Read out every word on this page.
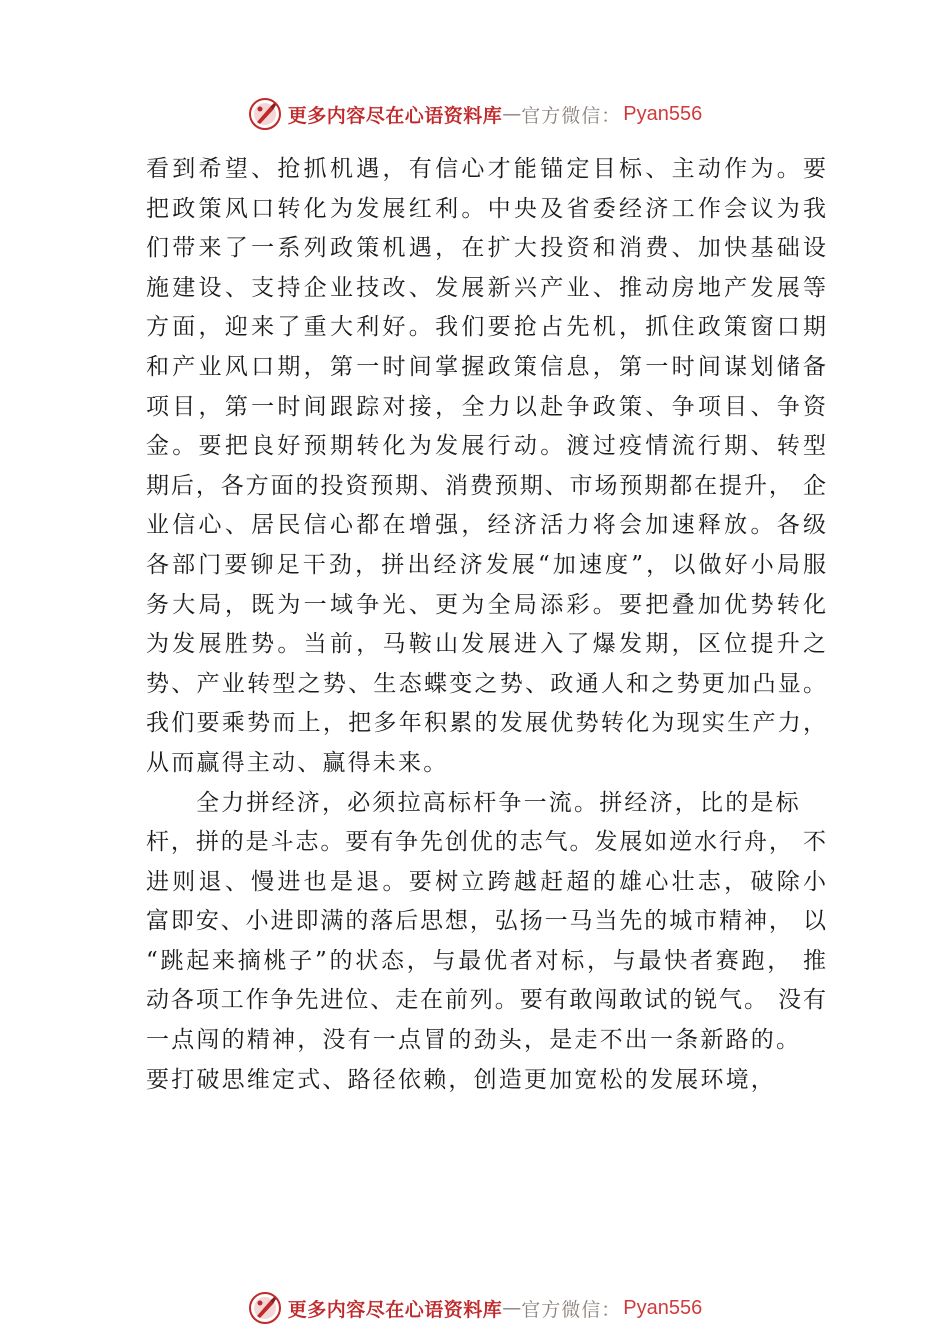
更多内容尽在心语资料库 — 官方微信： Pyan556
看到希望、抢抓机遇，有信心才能锚定目标、主动作为。要
把政策风口转化为发展红利。中央及省委经济工作会议为我
们带来了一系列政策机遇，在扩大投资和消费、加快基础设
施建设、支持企业技改、发展新兴产业、推动房地产发展等
方面，迎来了重大利好。我们要抢占先机，抓住政策窗口期
和产业风口期，第一时间掌握政策信息，第一时间谋划储备
项目，第一时间跟踪对接，全力以赴争政策、争项目、争资
金。要把良好预期转化为发展行动。渡过疫情流行期、转型
期后，各方面的投资预期、消费预期、市场预期都在提升， 企
业信心、居民信心都在增强，经济活力将会加速释放。各级
各部门要铆足干劲，拼出经济发展“加速度”，以做好小局服
务大局，既为一域争光、更为全局添彩。要把叠加优势转化
为发展胜势。当前，马鞍山发展进入了爆发期，区位提升之
势、产业转型之势、生态蝶变之势、政通人和之势更加凸显。
我们要乘势而上，把多年积累的发展优势转化为现实生产力，
从而赢得主动、赢得未来。
全力拼经济，必须拉高标杆争一流。拼经济，比的是标
杆，拼的是斗志。要有争先创优的志气。发展如逆水行舟， 不
进则退、慢进也是退。要树立跨越赶超的雄心壮志，破除小
富即安、小进即满的落后思想，弘扬一马当先的城市精神， 以
“跳起来摘桃子”的状态，与最优者对标，与最快者赛跑， 推
动各项工作争先进位、走在前列。要有敢闯敢试的锐气。 没有
一点闯的精神，没有一点冒的劲头，是走不出一条新路的。
要打破思维定式、路径依赖，创造更加宽松的发展环境，
更多内容尽在心语资料库 — 官方微信： Pyan556
